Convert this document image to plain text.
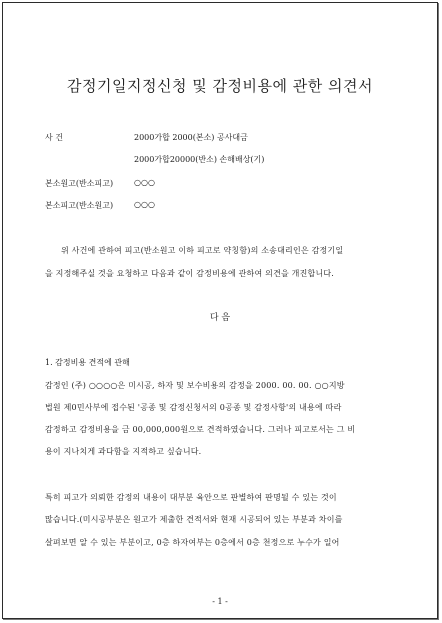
감정기일지정신청 및 감정비용에 관한 의견서
사 건	2000가합 2000(본소) 공사대금
2000가합20000(반소) 손해배상(기)
본소원고(반소피고)	○○○
본소피고(반소원고)	○○○
위 사건에 관하여 피고(반소원고 이하 피고로 약칭함)의 소송대리인은 감정기일
을 지정해주실 것을 요청하고 다음과 같이 감정비용에 관하여 의견을 개진합니다.
다 음
1. 감정비용 견적에 관해
감정인 (주) ○○○○은 미시공, 하자 및 보수비용의 감정을 2000. 00. 00. ○○지방
법원 제0민사부에 접수된 '공종 및 감정신청서의 0공종 및 감정사항'의 내용에 따라
감정하고 감정비용을 금 00,000,000원으로 견적하였습니다. 그러나 피고로서는 그 비
용이 지나치게 과다함을 지적하고 싶습니다.
특히 피고가 의뢰한 감정의 내용이 대부분 육안으로 판별하여 판명될 수 있는 것이
많습니다.(미시공부분은 원고가 제출한 견적서와 현재 시공되어 있는 부분과 차이를
살펴보면 알 수 있는 부분이고, 0층 하자여부는 0층에서 0층 천정으로 누수가 일어
- 1 -
